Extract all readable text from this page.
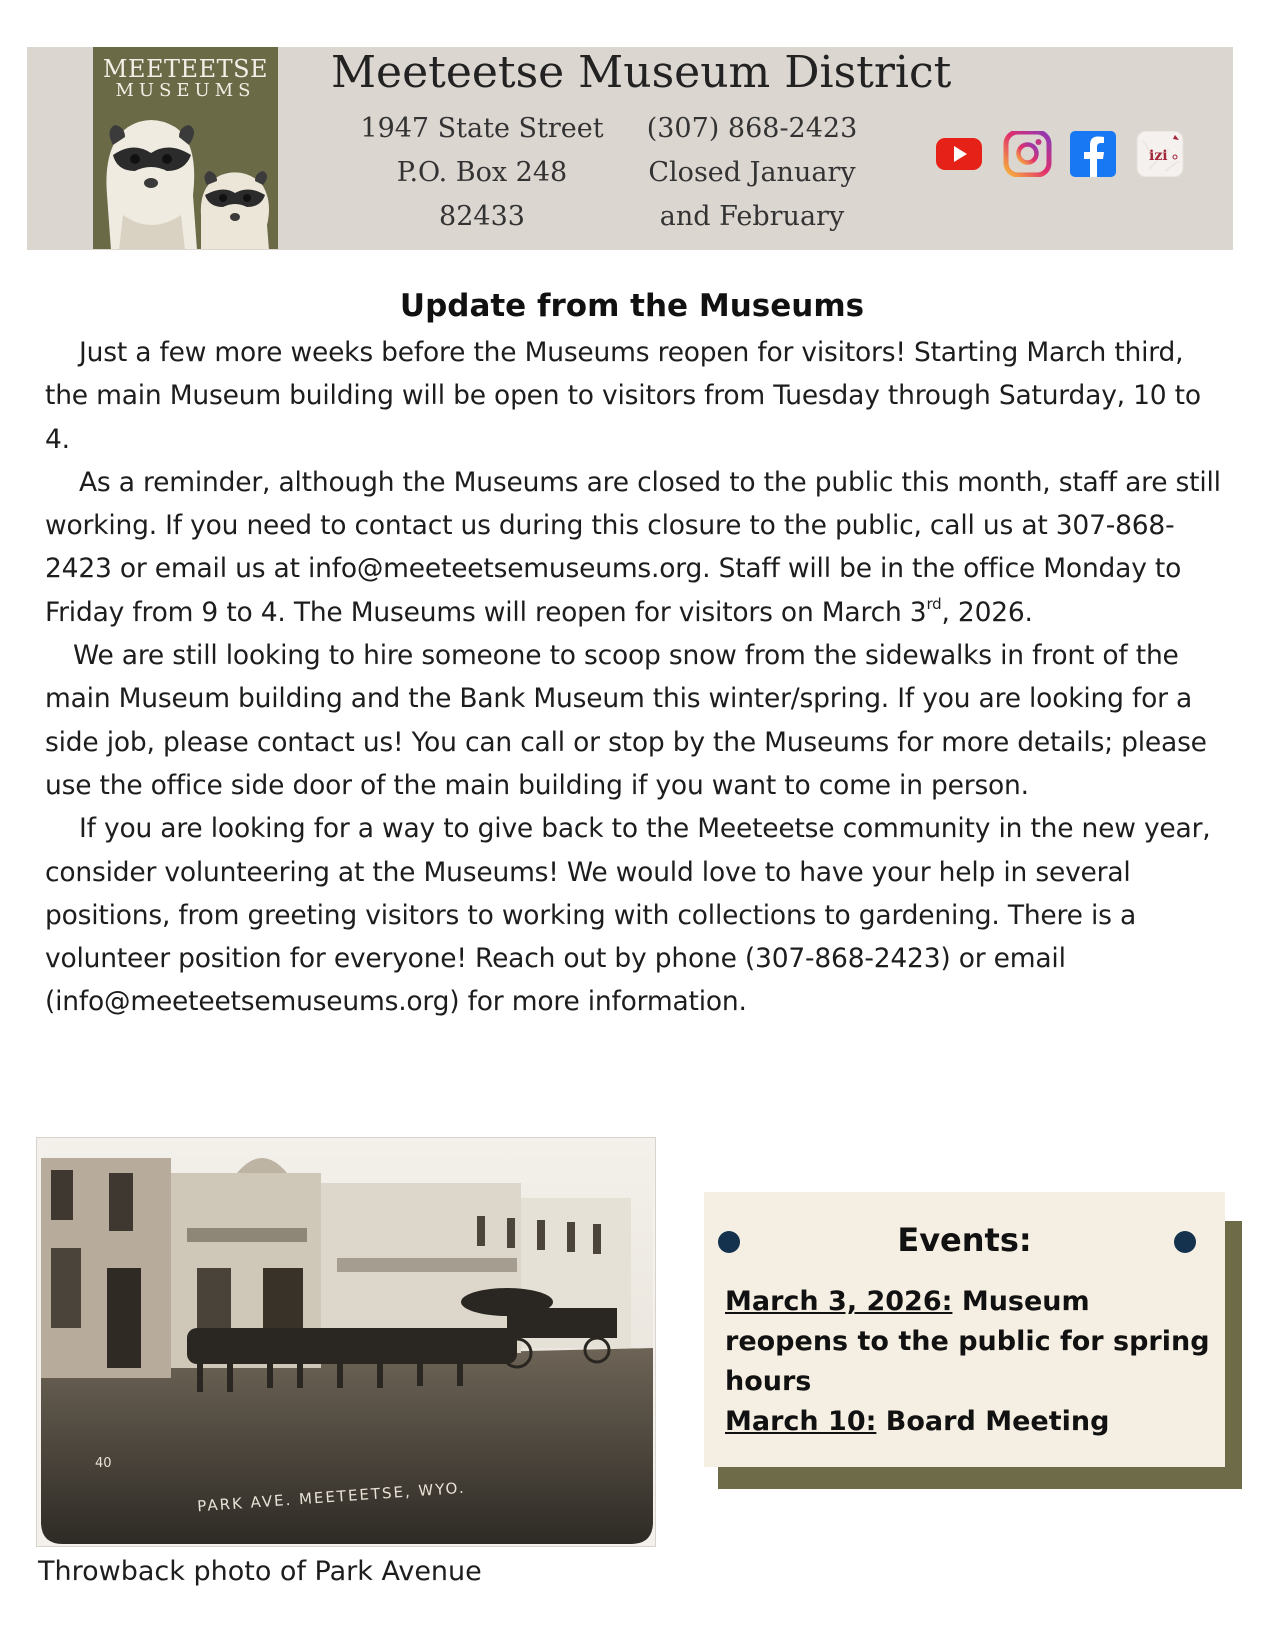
MEETEETSE
MUSEUMS	Meeteetse Museum District
1947 State Street
P.O. Box 248
82433
(307) 868-2423
Closed January
and February
izi
Update from the Museums

Just a few more weeks before the Museums reopen for visitors! Starting March third, the main Museum building will be open to visitors from Tuesday through Saturday, 10 to 4.

As a reminder, although the Museums are closed to the public this month, staff are still working. If you need to contact us during this closure to the public, call us at 307-868-2423 or email us at info@meeteetsemuseums.org. Staff will be in the office Monday to Friday from 9 to 4. The Museums will reopen for visitors on March 3rd, 2026.

We are still looking to hire someone to scoop snow from the sidewalks in front of the main Museum building and the Bank Museum this winter/spring. If you are looking for a side job, please contact us! You can call or stop by the Museums for more details; please use the office side door of the main building if you want to come in person.

If you are looking for a way to give back to the Meeteetse community in the new year, consider volunteering at the Museums! We would love to have your help in several positions, from greeting visitors to working with collections to gardening. There is a volunteer position for everyone! Reach out by phone (307-868-2423) or email (info@meeteetsemuseums.org) for more information.

40
PARK AVE. MEETEETSE, WYO.
Throwback photo of Park Avenue
Events:
March 3, 2026: Museum reopens to the public for spring hours
March 10: Board Meeting
